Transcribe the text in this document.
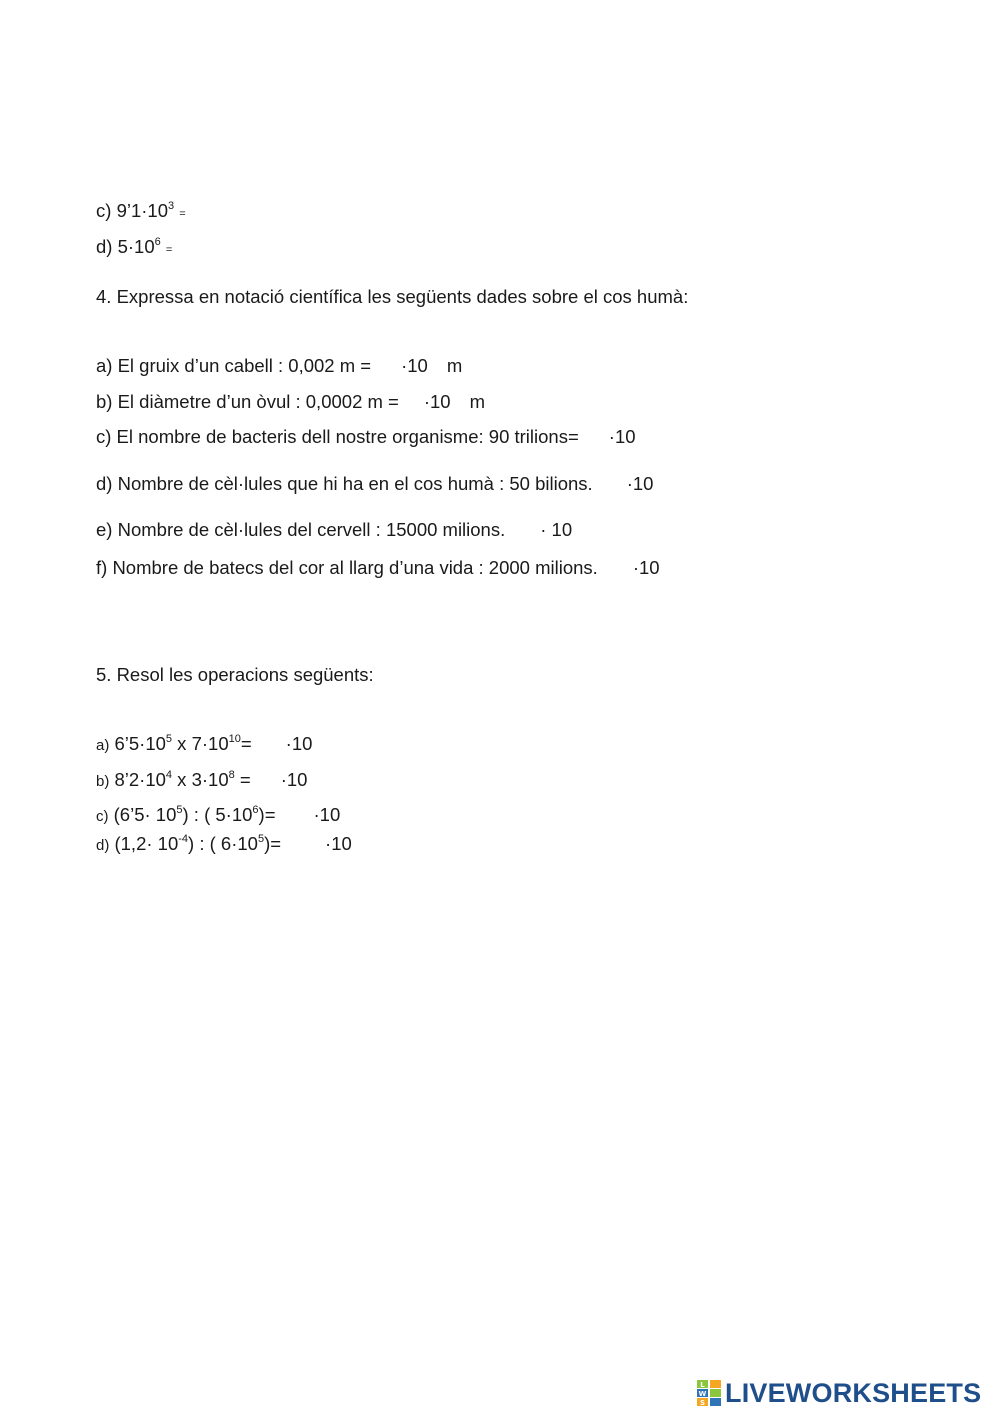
c) $9’1\cdot 10^3$ =
d) $5\cdot 10^6$ =
4. Expressa en notació científica les següents dades sobre el cos humà:
a) El gruix d’un cabell : 0,002 m = ·10 m
b) El diàmetre d’un òvul : 0,0002 m = ·10 m
c) El nombre de bacteris dell nostre organisme: 90 trilions= ·10
d) Nombre de cèl·lules que hi ha en el cos humà : 50 bilions. ·10
e) Nombre de cèl·lules del cervell : 15000 milions. · 10
f) Nombre de batecs del cor al llarg d’una vida : 2000 milions. ·10
5. Resol les operacions següents:
a) $6’5\cdot 10^5$ x $7\cdot 10^{10}= \cdot 10$
b) $8’2\cdot 10^4$ x $3\cdot 10^8 = \cdot 10$
c) (6’5· $10^5$) : ( $5\cdot 10^6)= \cdot 10$
d) $(1,2\cdot 10^{-4})$ : ( $6\cdot 10^5)= \cdot 10$
L
W
S LIVEWORKSHEETS
